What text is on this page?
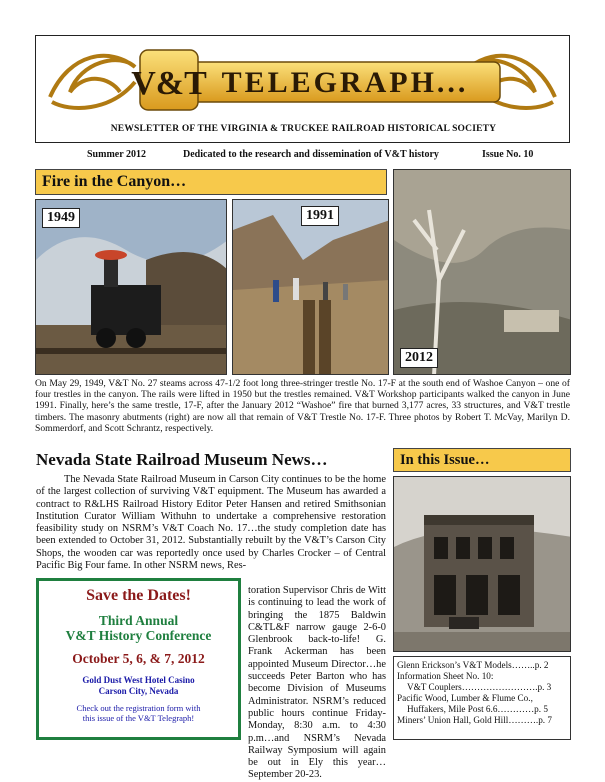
V&T TELEGRAPH...
NEWSLETTER OF THE VIRGINIA & TRUCKEE RAILROAD HISTORICAL SOCIETY
Summer 2012	Dedicated to the research and dissemination of V&T history	Issue No. 10
Fire in the Canyon…
1949	1991
2012
On May 29, 1949, V&T No. 27 steams across 47-1/2 foot long three-stringer trestle No. 17-F at the south end of Washoe Canyon – one of four trestles in the canyon. The rails were lifted in 1950 but the trestles remained. V&T Workshop participants walked the canyon in June 1991. Finally, here’s the same trestle, 17-F, after the January 2012 “Washoe” fire that burned 3,177 acres, 33 structures, and V&T trestle timbers. The masonry abutments (right) are now all that remain of V&T Trestle No. 17-F. Three photos by Robert T. McVay, Marilyn D. Sommerdorf, and Scott Schrantz, respectively.
Nevada State Railroad Museum News…
The Nevada State Railroad Museum in Carson City continues to be the home of the largest collection of surviving V&T equipment. The Museum has awarded a contract to R&LHS Railroad History Editor Peter Hansen and retired Smithsonian Institution Curator William Withuhn to undertake a comprehensive restoration feasibility study on NSRM’s V&T Coach No. 17…the study completion date has been extended to October 31, 2012. Substantially rebuilt by the V&T’s Carson City Shops, the wooden car was reportedly once used by Charles Crocker – of Central Pacific Big Four fame. In other NSRM news, Res-
toration Supervisor Chris de Witt is continuing to lead the work of bringing the 1875 Baldwin C&TL&F narrow gauge 2-6-0 Glenbrook back-to-life! G. Frank Ackerman has been appointed Museum Director…he succeeds Peter Barton who has become Division of Museums Administrator. NSRM’s reduced public hours continue Friday-Monday, 8:30 a.m. to 4:30 p.m…and NSRM’s Nevada Railway Symposium will again be out in Ely this year…September 20-23.
Save the Dates!
Third Annual
V&T History Conference
October 5, 6, & 7, 2012
Gold Dust West Hotel Casino
Carson City, Nevada
Check out the registration form with
this issue of the V&T Telegraph!
In this Issue…
Glenn Erickson’s V&T Models……..p. 2
Information Sheet No. 10:
V&T Couplers…………………….p. 3
Pacific Wood, Lumber & Flume Co.,
Huffakers, Mile Post 6.6…………p. 5
Miners’ Union Hall, Gold Hill……….p. 7
